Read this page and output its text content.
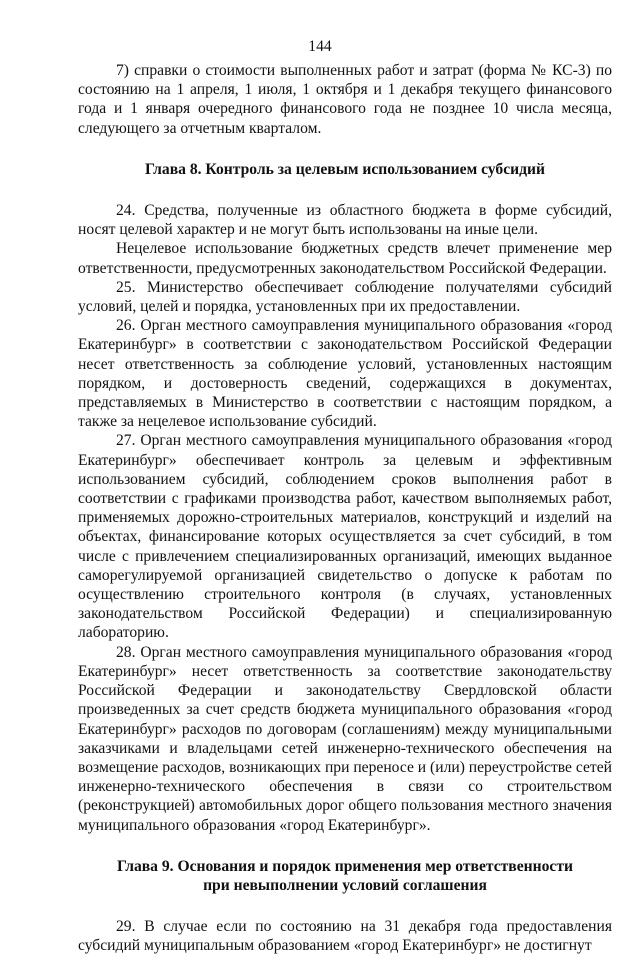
144

7) справки о стоимости выполненных работ и затрат (форма № КС-3) по состоянию на 1 апреля, 1 июля, 1 октября и 1 декабря текущего финансового года и 1 января очередного финансового года не позднее 10 числа месяца, следующего за отчетным кварталом.

Глава 8. Контроль за целевым использованием субсидий

24. Средства, полученные из областного бюджета в форме субсидий, носят целевой характер и не могут быть использованы на иные цели.

Нецелевое использование бюджетных средств влечет применение мер ответственности, предусмотренных законодательством Российской Федерации.

25. Министерство обеспечивает соблюдение получателями субсидий условий, целей и порядка, установленных при их предоставлении.

26. Орган местного самоуправления муниципального образования «город Екатеринбург» в соответствии с законодательством Российской Федерации несет ответственность за соблюдение условий, установленных настоящим порядком, и достоверность сведений, содержащихся в документах, представляемых в Министерство в соответствии с настоящим порядком, а также за нецелевое использование субсидий.

27. Орган местного самоуправления муниципального образования «город Екатеринбург» обеспечивает контроль за целевым и эффективным использованием субсидий, соблюдением сроков выполнения работ в соответствии с графиками производства работ, качеством выполняемых работ, применяемых дорожно-строительных материалов, конструкций и изделий на объектах, финансирование которых осуществляется за счет субсидий, в том числе с привлечением специализированных организаций, имеющих выданное саморегулируемой организацией свидетельство о допуске к работам по осуществлению строительного контроля (в случаях, установленных законодательством Российской Федерации) и специализированную лабораторию.

28. Орган местного самоуправления муниципального образования «город Екатеринбург» несет ответственность за соответствие законодательству Российской Федерации и законодательству Свердловской области произведенных за счет средств бюджета муниципального образования «город Екатеринбург» расходов по договорам (соглашениям) между муниципальными заказчиками и владельцами сетей инженерно-технического обеспечения на возмещение расходов, возникающих при переносе и (или) переустройстве сетей инженерно-технического обеспечения в связи со строительством (реконструкцией) автомобильных дорог общего пользования местного значения муниципального образования «город Екатеринбург».

Глава 9. Основания и порядок применения мер ответственности
при невыполнении условий соглашения

29. В случае если по состоянию на 31 декабря года предоставления субсидий муниципальным образованием «город Екатеринбург» не достигнут
